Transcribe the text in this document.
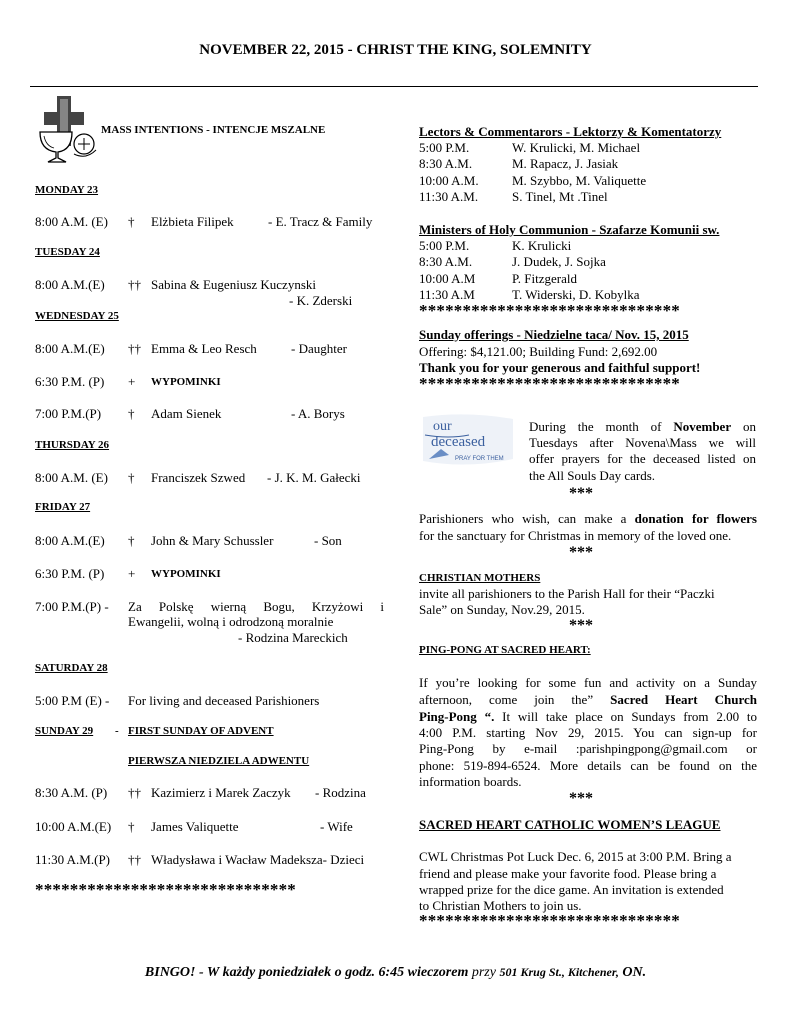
NOVEMBER 22, 2015 - CHRIST THE KING, SOLEMNITY
MASS INTENTIONS - INTENCJE MSZALNE
MONDAY 23
8:00 A.M. (E) † Elżbieta Filipek	- E. Tracz & Family
TUESDAY 24
8:00 A.M.(E) †† Sabina & Eugeniusz Kuczynski
- K. Zderski
WEDNESDAY 25
8:00 A.M.(E) †† Emma & Leo Resch	- Daughter
6:30 P.M. (P) + WYPOMINKI
7:00 P.M.(P) † Adam Sienek	- A. Borys
THURSDAY 26
8:00 A.M. (E) † Franciszek Szwed - J. K. M. Gałecki
FRIDAY 27
8:00 A.M.(E) † John & Mary Schussler	- Son
6:30 P.M. (P) + WYPOMINKI
7:00 P.M.(P) - Za Polskę wierną Bogu, Krzyżowi i
Ewangelii, wolną i odrodzoną moralnie
- Rodzina Mareckich
SATURDAY 28
5:00 P.M (E) - For living and deceased Parishioners
SUNDAY 29 - FIRST SUNDAY OF ADVENT
PIERWSZA NIEDZIELA ADWENTU
8:30 A.M. (P) †† Kazimierz i Marek Zaczyk - Rodzina
10:00 A.M.(E) † James Valiquette	- Wife
11:30 A.M.(P) †† Władysława i Wacław Madeksza- Dzieci
******************************
Lectors & Commentarors - Lektorzy & Komentatorzy
5:00 P.M.	W. Krulicki, M. Michael
8:30 A.M.	M. Rapacz, J. Jasiak
10:00 A.M.	M. Szybbo, M. Valiquette
11:30 A.M.	S. Tinel, Mt .Tinel
Ministers of Holy Communion - Szafarze Komunii sw.
5:00 P.M.	K. Krulicki
8:30 A.M.	J. Dudek, J. Sojka
10:00 A.M	P. Fitzgerald
11:30 A.M	T. Widerski, D. Kobylka
******************************
Sunday offerings - Niedzielne taca/ Nov. 15, 2015
Offering: $4,121.00; Building Fund: 2,692.00
Thank you for your generous and faithful support!
******************************
our
deceased
PRAY FOR THEM
During the month of November on
Tuesdays after Novena\Mass we will
offer prayers for the deceased listed on
the All Souls Day cards.
***
Parishioners who wish, can make a donation for flowers
for the sanctuary for Christmas in memory of the loved one.
***
CHRISTIAN MOTHERS
invite all parishioners to the Parish Hall for their “Paczki
Sale” on Sunday, Nov.29, 2015.
***
PING-PONG AT SACRED HEART:
If you’re looking for some fun and activity on a Sunday
afternoon, come join the” Sacred Heart Church
Ping-Pong “. It will take place on Sundays from 2.00 to
4:00 P.M. starting Nov 29, 2015. You can sign-up for
Ping-Pong by e-mail :parishpingpong@gmail.com or
phone: 519-894-6524. More details can be found on the
information boards.
***
SACRED HEART CATHOLIC WOMEN’S LEAGUE
CWL Christmas Pot Luck Dec. 6, 2015 at 3:00 P.M. Bring a
friend and please make your favorite food. Please bring a
wrapped prize for the dice game. An invitation is extended
to Christian Mothers to join us.
******************************
BINGO! - W każdy poniedziałek o godz. 6:45 wieczorem przy 501 Krug St., Kitchener, ON.
